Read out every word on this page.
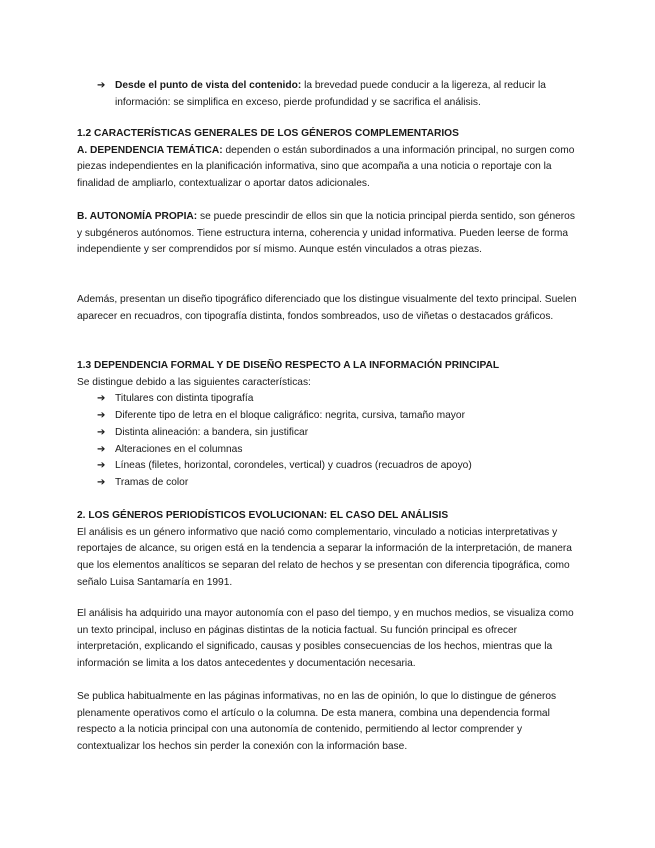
➔ Desde el punto de vista del contenido: la brevedad puede conducir a la ligereza, al reducir la información: se simplifica en exceso, pierde profundidad y se sacrifica el análisis.

1.2 CARACTERÍSTICAS GENERALES DE LOS GÉNEROS COMPLEMENTARIOS

A. DEPENDENCIA TEMÁTICA: dependen o están subordinados a una información principal, no surgen como piezas independientes en la planificación informativa, sino que acompaña a una noticia o reportaje con la finalidad de ampliarlo, contextualizar o aportar datos adicionales.

B. AUTONOMÍA PROPIA: se puede prescindir de ellos sin que la noticia principal pierda sentido, son géneros y subgéneros autónomos. Tiene estructura interna, coherencia y unidad informativa. Pueden leerse de forma independiente y ser comprendidos por sí mismo. Aunque estén vinculados a otras piezas.

Además, presentan un diseño tipográfico diferenciado que los distingue visualmente del texto principal. Suelen aparecer en recuadros, con tipografía distinta, fondos sombreados, uso de viñetas o destacados gráficos.

1.3 DEPENDENCIA FORMAL Y DE DISEÑO RESPECTO A LA INFORMACIÓN PRINCIPAL

Se distingue debido a las siguientes características:

➔ Titulares con distinta tipografía
➔ Diferente tipo de letra en el bloque caligráfico: negrita, cursiva, tamaño mayor
➔ Distinta alineación: a bandera, sin justificar
➔ Alteraciones en el columnas
➔ Líneas (filetes, horizontal, corondeles, vertical) y cuadros (recuadros de apoyo)
➔ Tramas de color

2. LOS GÉNEROS PERIODÍSTICOS EVOLUCIONAN: EL CASO DEL ANÁLISIS

El análisis es un género informativo que nació como complementario, vinculado a noticias interpretativas y reportajes de alcance, su origen está en la tendencia a separar la información de la interpretación, de manera que los elementos analíticos se separan del relato de hechos y se presentan con diferencia tipográfica, como señalo Luisa Santamaría en 1991.

El análisis ha adquirido una mayor autonomía con el paso del tiempo, y en muchos medios, se visualiza como un texto principal, incluso en páginas distintas de la noticia factual. Su función principal es ofrecer interpretación, explicando el significado, causas y posibles consecuencias de los hechos, mientras que la información se limita a los datos antecedentes y documentación necesaria.

Se publica habitualmente en las páginas informativas, no en las de opinión, lo que lo distingue de géneros plenamente operativos como el artículo o la columna. De esta manera, combina una dependencia formal respecto a la noticia principal con una autonomía de contenido, permitiendo al lector comprender y contextualizar los hechos sin perder la conexión con la información base.
